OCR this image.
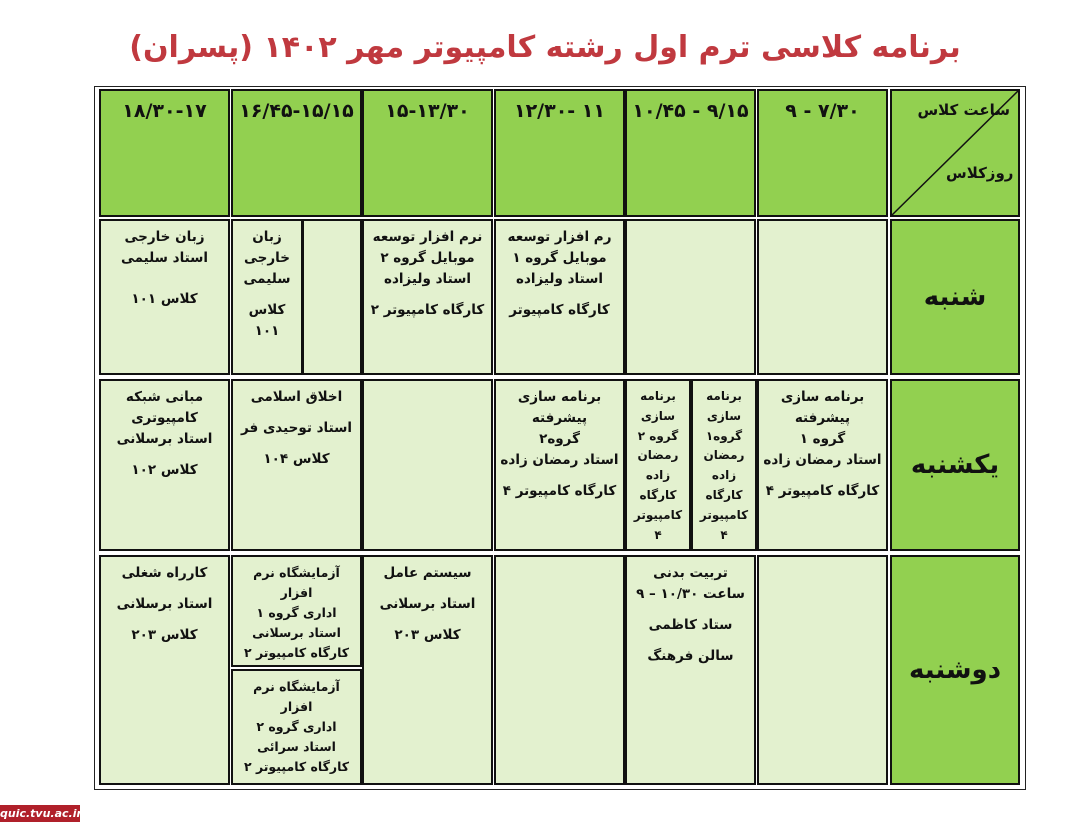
برنامه کلاسی ترم اول رشته کامپیوتر مهر ۱۴۰۲ (پسران)
ساعت کلاس
روزکلاس
۹ - ۷/۳۰
۱۰/۴۵ - ۹/۱۵
۱۲/۳۰- ۱۱
۱۵-۱۳/۳۰
۱۶/۴۵-۱۵/۱۵
۱۸/۳۰-۱۷
شنبه
یکشنبه
دوشنبه
رم افزار توسعه
موبایل گروه ۱
استاد ولیزاده
کارگاه کامپیوتر
نرم افزار توسعه
موبایل گروه ۲
استاد ولیزاده
کارگاه کامپیوتر ۲
زبان
خارجی
سلیمی
کلاس ۱۰۱
زبان خارجی
استاد سلیمی
کلاس ۱۰۱
برنامه سازی پیشرفته
گروه ۱
استاد رمضان زاده
کارگاه کامپیوتر ۴
برنامه
سازی
گروه۱
رمضان
زاده
کارگاه
کامپیوتر ۴
برنامه
سازی
گروه ۲
رمضان
زاده
کارگاه
کامپیوتر ۴
برنامه سازی پیشرفته
گروه۲
استاد رمضان زاده
کارگاه کامپیوتر ۴
اخلاق اسلامی
استاد توحیدی فر
کلاس ۱۰۴
مبانی شبکه
کامپیوتری
استاد برسلانی
کلاس ۱۰۲
تربیت بدنی
ساعت ۱۰/۳۰ – ۹
ستاد کاظمی
سالن فرهنگ
سیستم عامل
استاد برسلانی
کلاس ۲۰۳
آزمایشگاه نرم افزار
اداری گروه ۱
استاد برسلانی
کارگاه کامپیوتر ۲
آزمایشگاه نرم افزار
اداری گروه ۲
استاد سرائی
کارگاه کامپیوتر ۲
کارراه شغلی
استاد برسلانی
کلاس ۲۰۳
quic.tvu.ac.ir
